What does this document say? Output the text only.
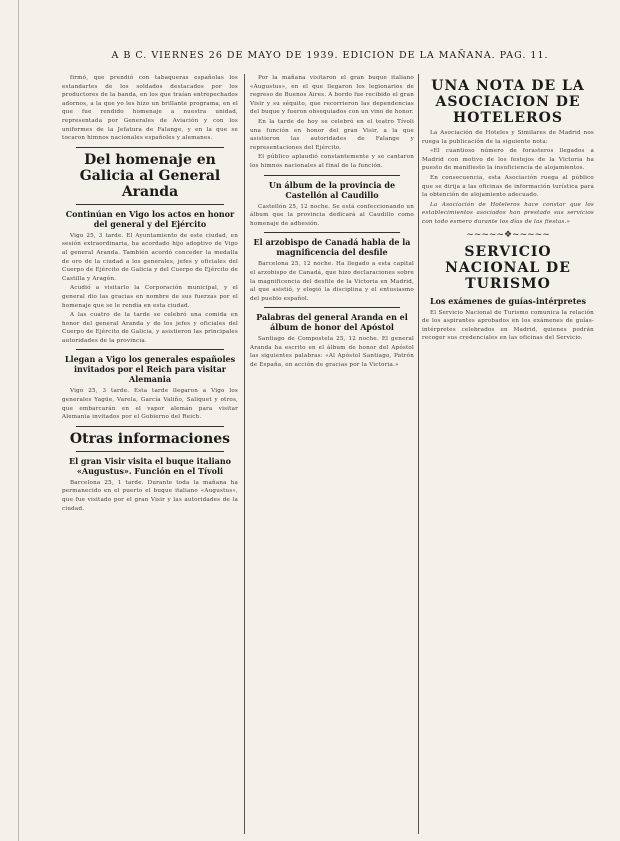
A B C. VIERNES 26 DE MAYO DE 1939. EDICION DE LA MAÑANA. PAG. 11.

firmó, que prendió con tabaqueras españolas los estandartes de los soldados destacados por los productores de la banda, en los que traían entrepechados adornos, a la que yo les hizo un brillante programa, en el que fue rendido homenaje a nuestra unidad, representada por Generales de Aviación y con los uniformes de la Jefatura de Falange, y en la que se tocaron himnos nacionales españoles y alemanes.

Del homenaje en Galicia al General Aranda
Continúan en Vigo los actos en honor del general y del Ejército

Vigo 25, 3 tarde. El Ayuntamiento de este ciudad, en sesión extraordinaria, ha acordado hijo adoptivo de Vigo al general Aranda. También acordó conceder la medalla de oro de la ciudad a los generales, jefes y oficiales del Cuerpo de Ejército de Galicia y del Cuerpo de Ejército de Castilla y Aragón.

Acudió a visitarlo la Corporación municipal, y el general dio las gracias en nombre de sus fuerzas por el homenaje que se le rendía en esta ciudad.

A las cuatro de la tarde se celebró una comida en honor del general Aranda y de los jefes y oficiales del Cuerpo de Ejército de Galicia, y asistieron las principales autoridades de la provincia.

Llegan a Vigo los generales españoles invitados por el Reich para visitar Alemania

Vigo 25, 3 tarde. Esta tarde llegaron a Vigo los generales Yagüe, Varela, García Valiño, Saliquet y otros, que embarcarán en el vapor alemán para visitar Alemania invitados por el Gobierno del Reich.

Otras informaciones
El gran Visir visita el buque italiano «Augustus». Función en el Tívoli

Barcelona 25, 1 tarde. Durante toda la mañana ha permanecido en el puerto el buque italiano «Augustus», que fue visitado por el gran Visir y las autoridades de la ciudad.

Por la mañana visitaron el gran buque italiano «Augustus», en el que llegaron los legionarios de regreso de Buenos Aires. A bordo fue recibido el gran Visir y su séquito, que recorrieron las dependencias del buque y fueron obsequiados con un vino de honor.

En la tarde de hoy se celebró en el teatro Tívoli una función en honor del gran Visir, a la que asistieron las autoridades de Falange y representaciones del Ejército.

El público aplaudió constantemente y se cantaron los himnos nacionales al final de la función.

Un álbum de la provincia de Castellón al Caudillo

Castellón 25, 12 noche. Se está confeccionando un álbum que la provincia dedicará al Caudillo como homenaje de adhesión.

El arzobispo de Canadá habla de la magnificencia del desfile

Barcelona 25, 12 noche. Ha llegado a esta capital el arzobispo de Canadá, que hizo declaraciones sobre la magnificencia del desfile de la Victoria en Madrid, al que asistió, y elogió la disciplina y el entusiasmo del pueblo español.

Palabras del general Aranda en el álbum de honor del Apóstol

Santiago de Compostela 25, 12 noche. El general Aranda ha escrito en el álbum de honor del Apóstol las siguientes palabras: «Al Apóstol Santiago, Patrón de España, en acción de gracias por la Victoria.»

UNA NOTA DE LA ASOCIACION DE HOTELEROS

La Asociación de Hoteles y Similares de Madrid nos ruega la publicación de la siguiente nota:

«El cuantioso número de forasteros llegados a Madrid con motivo de los festejos de la Victoria ha puesto de manifiesto la insuficiencia de alojamientos.

En consecuencia, esta Asociación ruega al público que se dirija a las oficinas de información turística para la obtención de alojamiento adecuado.

La Asociación de Hoteleros hace constar que los establecimientos asociados han prestado sus servicios con todo esmero durante los días de las fiestas.»

~~~~~❖~~~~~
SERVICIO NACIONAL DE TURISMO
Los exámenes de guías-intérpretes

El Servicio Nacional de Turismo comunica la relación de los aspirantes aprobados en los exámenes de guías-intérpretes celebrados en Madrid, quienes podrán recoger sus credenciales en las oficinas del Servicio.
